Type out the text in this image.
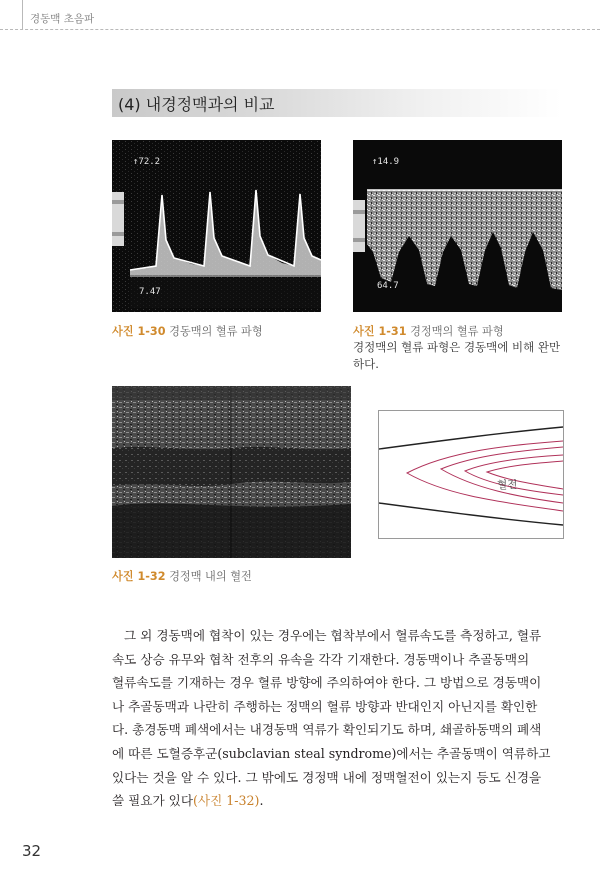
경동맥 초음파
(4) 내경정맥과의 비교
↑72.2
7.47
사진 1-30 경동맥의 혈류 파형
↑14.9
64.7
사진 1-31 경정맥의 혈류 파형
경정맥의 혈류 파형은 경동맥에 비해 완만
하다.
사진 1-32 경정맥 내의 혈전
혈전
그 외 경동맥에 협착이 있는 경우에는 협착부에서 혈류속도를 측정하고, 혈류
속도 상승 유무와 협착 전후의 유속을 각각 기재한다. 경동맥이나 추골동맥의
혈류속도를 기재하는 경우 혈류 방향에 주의하여야 한다. 그 방법으로 경동맥이
나 추골동맥과 나란히 주행하는 정맥의 혈류 방향과 반대인지 아닌지를 확인한
다. 총경동맥 폐색에서는 내경동맥 역류가 확인되기도 하며, 쇄골하동맥의 폐색
에 따른 도혈증후군(subclavian steal syndrome)에서는 추골동맥이 역류하고
있다는 것을 알 수 있다. 그 밖에도 경정맥 내에 정맥혈전이 있는지 등도 신경을
쓸 필요가 있다(사진 1-32).
32
